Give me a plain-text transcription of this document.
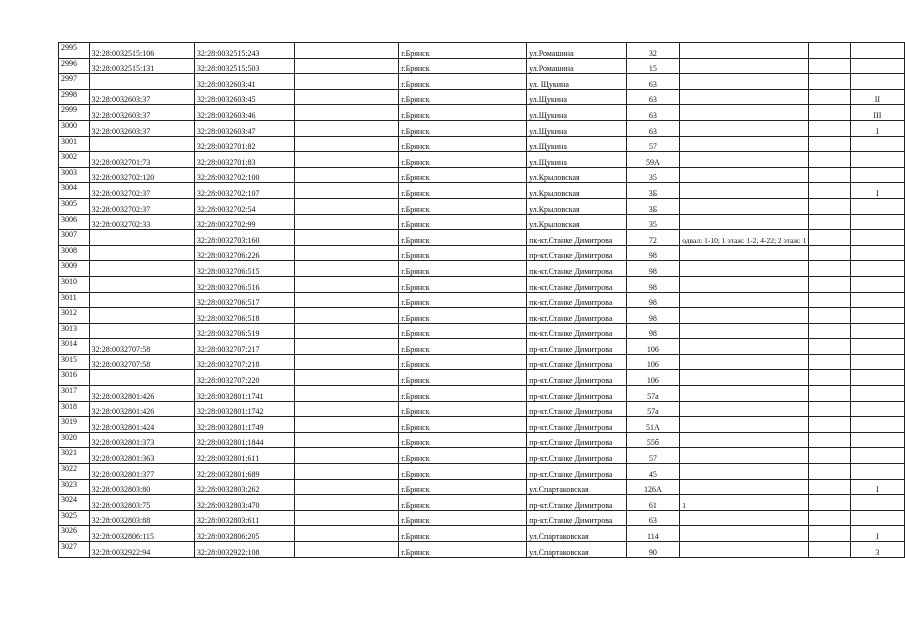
2995	32:28:0032515:106	32:28:0032515:243		г.Брянск	ул.Ромашина	32			
2996	32:28:0032515:131	32:28:0032515:503		г.Брянск	ул.Ромашина	15			
2997		32:28:0032603:41		г.Брянск	ул. Щукина	63			
2998	32:28:0032603:37	32:28:0032603:45		г.Брянск	ул.Щукина	63			II
2999	32:28:0032603:37	32:28:0032603:46		г.Брянск	ул.Щукина	63			III
3000	32:28:0032603:37	32:28:0032603:47		г.Брянск	ул.Щукина	63			I
3001		32:28:0032701:82		г.Брянск	ул.Щукина	57			
3002	32:28:0032701:73	32:28:0032701:83		г.Брянск	ул.Щукина	59А			
3003	32:28:0032702:120	32:28:0032702:100		г.Брянск	ул.Крыловская	35			
3004	32:28:0032702:37	32:28:0032702:107		г.Брянск	ул.Крыловская	3Б			I
3005	32:28:0032702:37	32:28:0032702:54		г.Брянск	ул.Крыловская	3Б			
3006	32:28:0032702:33	32:28:0032702:99		г.Брянск	ул.Крыловская	35			
3007		32:28:0032703:160		г.Брянск	пк-кт.Станке Димитрова	72	одвал: 1-10; 1 этаж: 1-2, 4-22; 2 этаж: 1		
3008		32:28:0032706:226		г.Брянск	пр-кт.Станке Димитрова	98			
3009		32:28:0032706:515		г.Брянск	пк-кт.Станке Димитрова	98			
3010		32:28:0032706:516		г.Брянск	пк-кт.Станке Димитрова	98			
3011		32:28:0032706:517		г.Брянск	пк-кт.Станке Димитрова	98			
3012		32:28:0032706:518		г.Брянск	пк-кт.Станке Димитрова	98			
3013		32:28:0032706:519		г.Брянск	пк-кт.Станке Димитрова	98			
3014	32:28:0032707:58	32:28:0032707:217		г.Брянск	пр-кт.Станке Димитрова	106			
3015	32:28:0032707:58	32:28:0032707:218		г.Брянск	пр-кт.Станке Димитрова	106			
3016		32:28:0032707:220		г.Брянск	пр-кт.Станке Димитрова	106			
3017	32:28:0032801:426	32:28:0032801:1741		г.Брянск	пр-кт.Станке Димитрова	57а			
3018	32:28:0032801:426	32:28:0032801:1742		г.Брянск	пр-кт.Станке Димитрова	57а			
3019	32:28:0032801:424	32:28:0032801:1749		г.Брянск	пр-кт.Станке Димитрова	51А			
3020	32:28:0032801:373	32:28:0032801:1844		г.Брянск	пр-кт.Станке Димитрова	55б			
3021	32:28:0032801:363	32:28:0032801:611		г.Брянск	пр-кт.Станке Димитрова	57			
3022	32:28:0032801:377	32:28:0032801:689		г.Брянск	пр-кт.Станке Димитрова	45			
3023	32:28:0032803:80	32:28:0032803:262		г.Брянск	ул.Спартаковская	126А			I
3024	32:28:0032803:75	32:28:0032803:470		г.Брянск	пр-кт.Станке Димитрова	61	1		
3025	32:28:0032803:88	32:28:0032803:611		г.Брянск	пр-кт.Станке Димитрова	63			
3026	32:28:0032806:115	32:28:0032806:205		г.Брянск	ул.Спартаковская	114			I
3027	32:28:0032922:94	32:28:0032922:108		г.Брянск	ул.Спартаковская	90			3
